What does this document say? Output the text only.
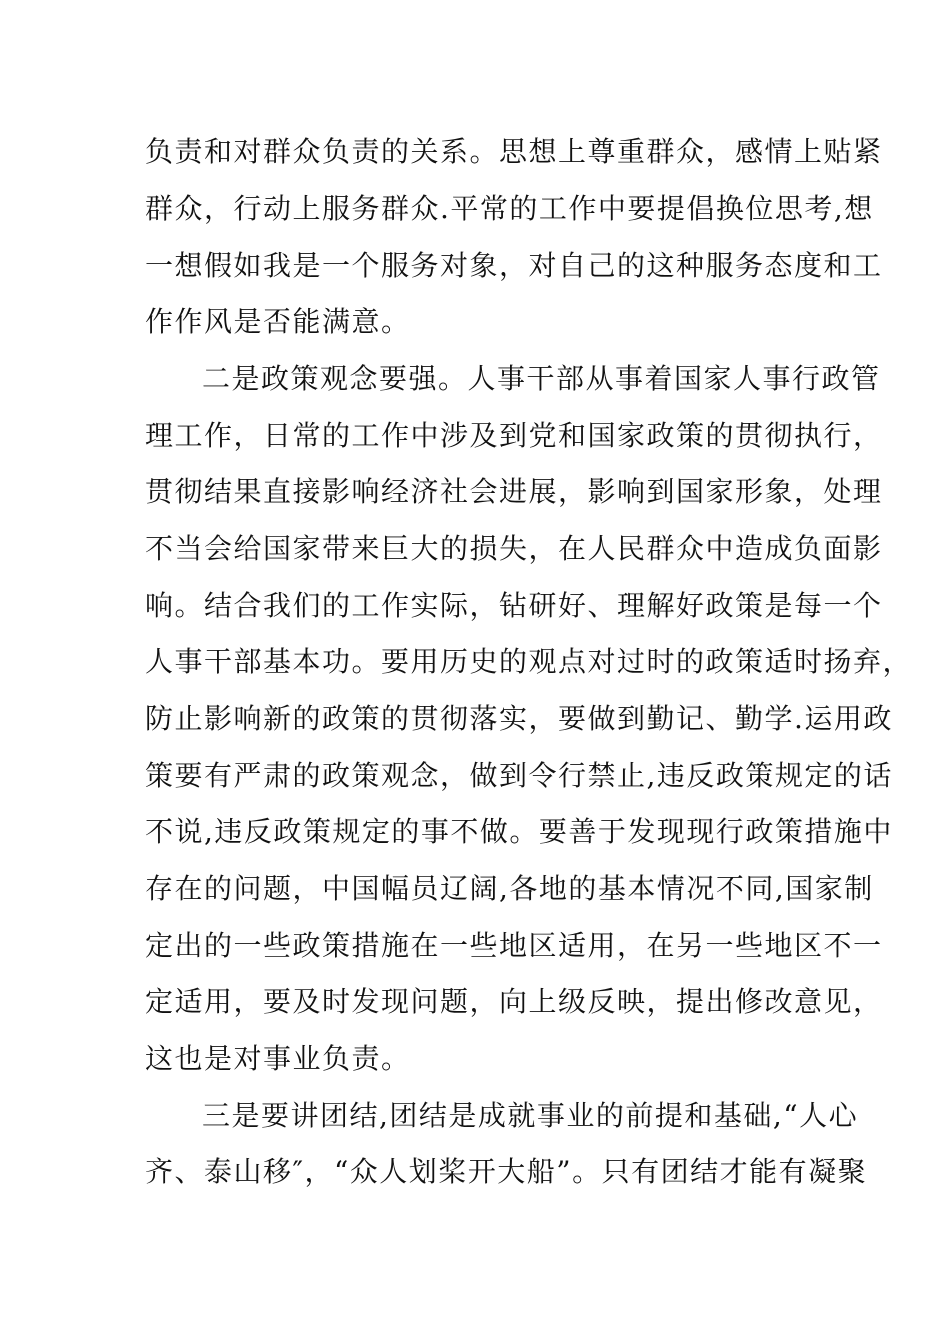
负责和对群众负责的关系。思想上尊重群众，感情上贴紧
群众，行动上服务群众.平常的工作中要提倡换位思考,想
一想假如我是一个服务对象，对自己的这种服务态度和工
作作风是否能满意。
二是政策观念要强。人事干部从事着国家人事行政管
理工作，日常的工作中涉及到党和国家政策的贯彻执行，
贯彻结果直接影响经济社会进展，影响到国家形象，处理
不当会给国家带来巨大的损失，在人民群众中造成负面影
响。结合我们的工作实际，钻研好、理解好政策是每一个
人事干部基本功。要用历史的观点对过时的政策适时扬弃，
防止影响新的政策的贯彻落实，要做到勤记、勤学.运用政
策要有严肃的政策观念，做到令行禁止,违反政策规定的话
不说,违反政策规定的事不做。要善于发现现行政策措施中
存在的问题，中国幅员辽阔,各地的基本情况不同,国家制
定出的一些政策措施在一些地区适用，在另一些地区不一
定适用，要及时发现问题，向上级反映，提出修改意见，
这也是对事业负责。
三是要讲团结,团结是成就事业的前提和基础,“人心
齐、泰山移″，“众人划桨开大船”。只有团结才能有凝聚
